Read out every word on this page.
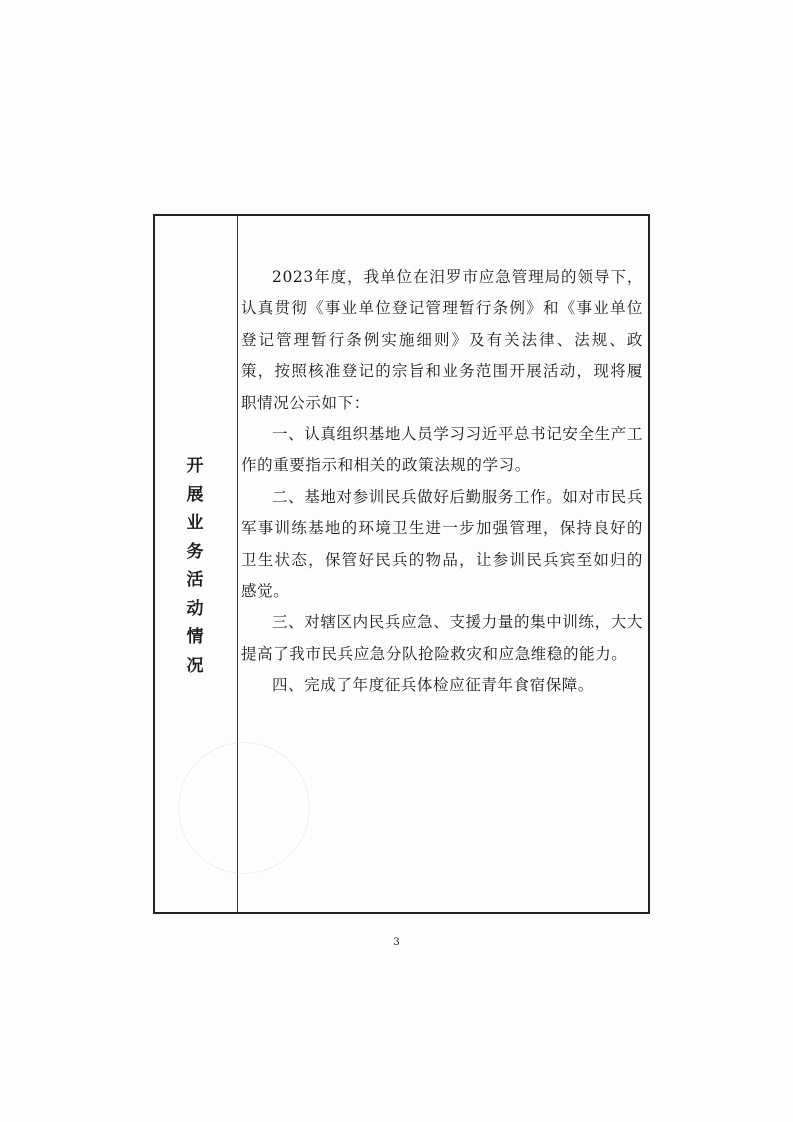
开
展
业
务
活
动
情
况

2023年度，我单位在汨罗市应急管理局的领导下，认真贯彻《事业单位登记管理暂行条例》和《事业单位登记管理暂行条例实施细则》及有关法律、法规、政策，按照核准登记的宗旨和业务范围开展活动，现将履职情况公示如下：

一、认真组织基地人员学习习近平总书记安全生产工作的重要指示和相关的政策法规的学习。

二、基地对参训民兵做好后勤服务工作。如对市民兵军事训练基地的环境卫生进一步加强管理，保持良好的卫生状态，保管好民兵的物品，让参训民兵宾至如归的感觉。

三、对辖区内民兵应急、支援力量的集中训练，大大提高了我市民兵应急分队抢险救灾和应急维稳的能力。

四、完成了年度征兵体检应征青年食宿保障。

3
